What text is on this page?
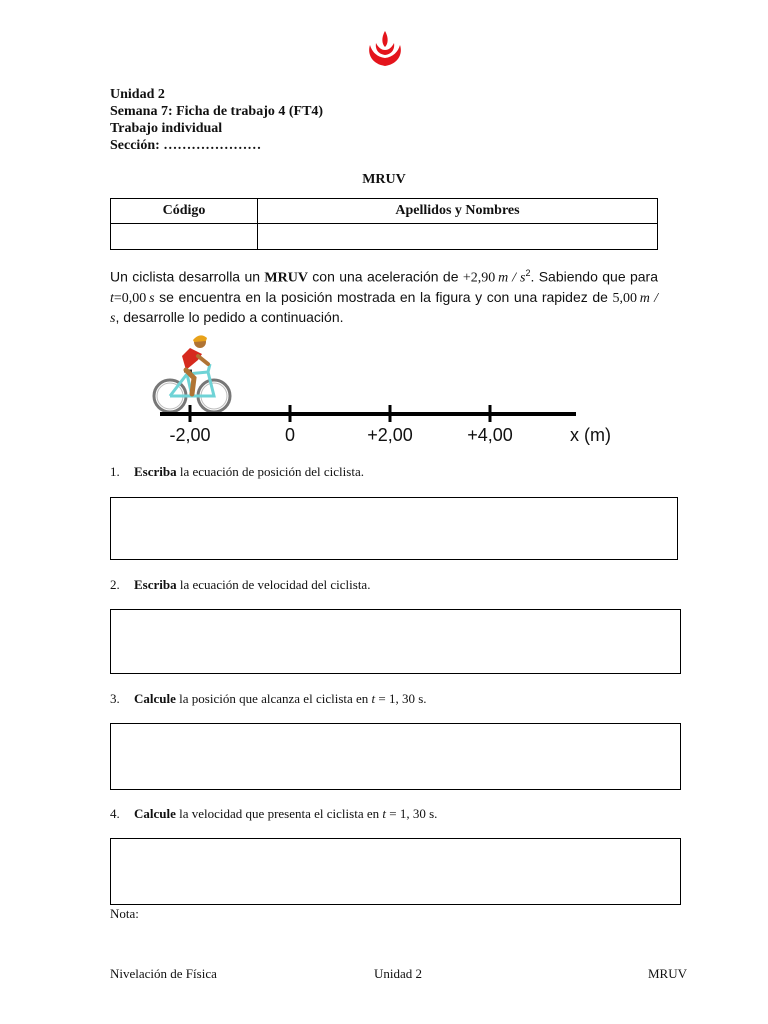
Unidad 2
Semana 7: Ficha de trabajo 4 (FT4)
Trabajo individual
Sección: …………………
MRUV
Código	Apellidos y Nombres

Un ciclista desarrolla un MRUV con una aceleración de +2,90  m / $s^2$. Sabiendo que para t=0,00  s se encuentra en la posición mostrada en la figura y con una rapidez de 5,00  m / s, desarrolle lo pedido a continuación.
-2,00	0	+2,00	+4,00	x (m)
1. Escriba la ecuación de posición del ciclista.
2. Escriba la ecuación de velocidad del ciclista.
3. Calcule la posición que alcanza el ciclista en t = 1, 30 s.
4. Calcule la velocidad que presenta el ciclista en t = 1, 30 s.
Nota:
Nivelación de Física	Unidad 2	MRUV
